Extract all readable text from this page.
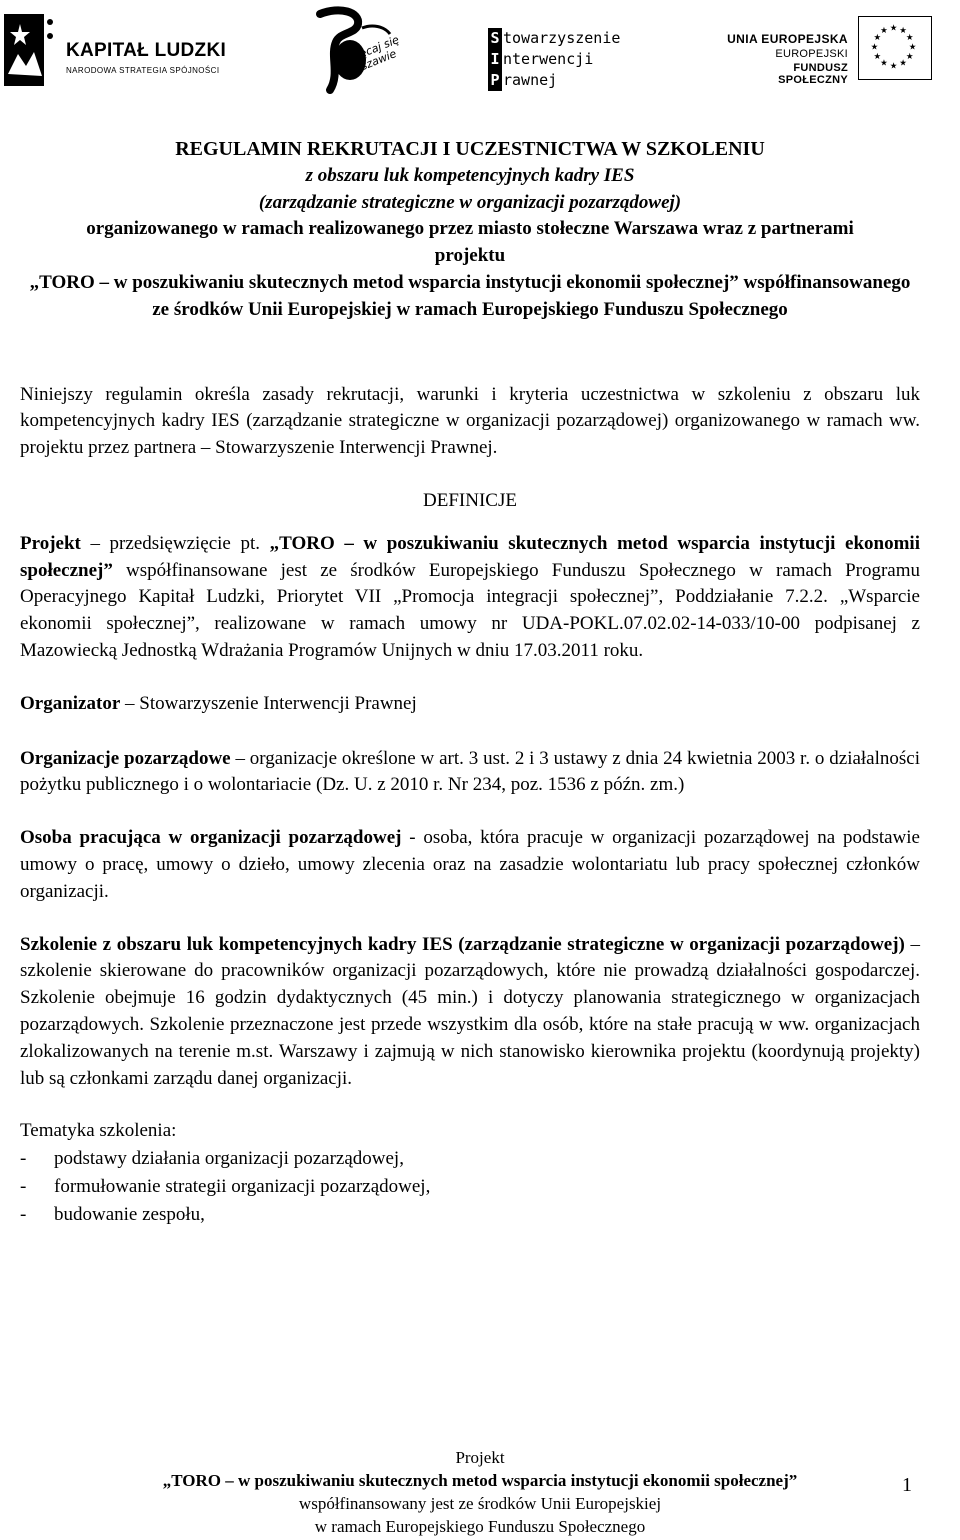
KAPITAŁ LUDZKI
NARODOWA STRATEGIA SPÓJNOŚCI
zakręcaj się warszawie
S towarzyszenie
I nterwencji
P rawnej
UNIA EUROPEJSKA
EUROPEJSKI
FUNDUSZ SPOŁECZNY
★ ★
★
★
★
★
★
★
★
★
★
★
REGULAMIN REKRUTACJI I UCZESTNICTWA W SZKOLENIU
z obszaru luk kompetencyjnych kadry IES
(zarządzanie strategiczne w organizacji pozarządowej)
organizowanego w ramach realizowanego przez miasto stołeczne Warszawa wraz z partnerami projektu
„TORO – w poszukiwaniu skutecznych metod wsparcia instytucji ekonomii społecznej” współfinansowanego ze środków Unii Europejskiej w ramach Europejskiego Funduszu Społecznego

Niniejszy regulamin określa zasady rekrutacji, warunki i kryteria uczestnictwa w szkoleniu z obszaru luk kompetencyjnych kadry IES (zarządzanie strategiczne w organizacji pozarządowej) organizowanego w ramach ww. projektu przez partnera – Stowarzyszenie Interwencji Prawnej.

DEFINICJE

Projekt – przedsięwzięcie pt. „TORO – w poszukiwaniu skutecznych metod wsparcia instytucji ekonomii społecznej” współfinansowane jest ze środków Europejskiego Funduszu Społecznego w ramach Programu Operacyjnego Kapitał Ludzki, Priorytet VII „Promocja integracji społecznej”, Poddziałanie 7.2.2. „Wsparcie ekonomii społecznej”, realizowane w ramach umowy nr UDA-POKL.07.02.02-14-033/10-00 podpisanej z Mazowiecką Jednostką Wdrażania Programów Unijnych w dniu 17.03.2011 roku.

Organizator – Stowarzyszenie Interwencji Prawnej

Organizacje pozarządowe – organizacje określone w art. 3 ust. 2 i 3 ustawy z dnia 24 kwietnia 2003 r. o działalności pożytku publicznego i o wolontariacie (Dz. U. z 2010 r. Nr 234, poz. 1536 z późn. zm.)

Osoba pracująca w organizacji pozarządowej - osoba, która pracuje w organizacji pozarządowej na podstawie umowy o pracę, umowy o dzieło, umowy zlecenia oraz na zasadzie wolontariatu lub pracy społecznej członków organizacji.

Szkolenie z obszaru luk kompetencyjnych kadry IES (zarządzanie strategiczne w organizacji pozarządowej) – szkolenie skierowane do pracowników organizacji pozarządowych, które nie prowadzą działalności gospodarczej. Szkolenie obejmuje 16 godzin dydaktycznych (45 min.) i dotyczy planowania strategicznego w organizacjach pozarządowych. Szkolenie przeznaczone jest przede wszystkim dla osób, które na stałe pracują w ww. organizacjach zlokalizowanych na terenie m.st. Warszawy i zajmują w nich stanowisko kierownika projektu (koordynują projekty) lub są członkami zarządu danej organizacji.

Tematyka szkolenia:

- podstawy działania organizacji pozarządowej,
- formułowanie strategii organizacji pozarządowej,
- budowanie zespołu,
Projekt
„TORO – w poszukiwaniu skutecznych metod wsparcia instytucji ekonomii społecznej”
współfinansowany jest ze środków Unii Europejskiej
w ramach Europejskiego Funduszu Społecznego
1
